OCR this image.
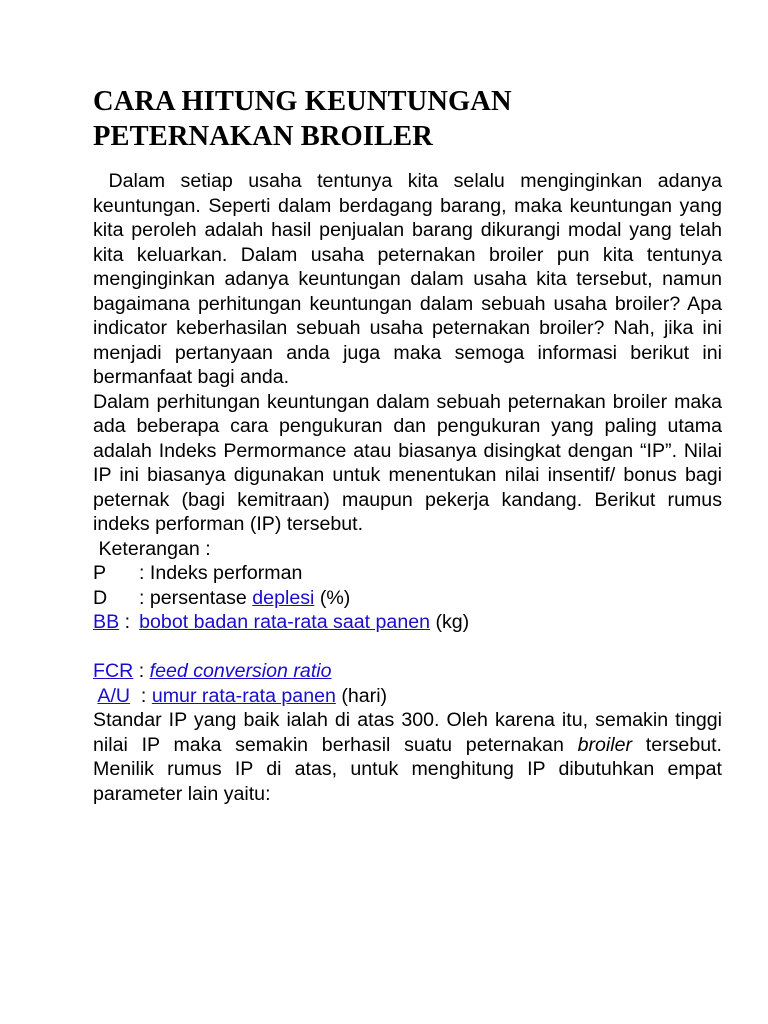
CARA HITUNG KEUNTUNGAN
PETERNAKAN BROILER

Dalam setiap usaha tentunya kita selalu menginginkan adanya keuntungan. Seperti dalam berdagang barang, maka keuntungan yang kita peroleh adalah hasil penjualan barang dikurangi modal yang telah kita keluarkan. Dalam usaha peternakan broiler pun kita tentunya menginginkan adanya keuntungan dalam usaha kita tersebut, namun bagaimana perhitungan keuntungan dalam sebuah usaha broiler? Apa indicator keberhasilan sebuah usaha peternakan broiler? Nah, jika ini menjadi pertanyaan anda juga maka semoga informasi berikut ini bermanfaat bagi anda.

Dalam perhitungan keuntungan dalam sebuah peternakan broiler maka ada beberapa cara pengukuran dan pengukuran yang paling utama adalah Indeks Permormance atau biasanya disingkat dengan “IP”. Nilai IP ini biasanya digunakan untuk menentukan nilai insentif/ bonus bagi peternak (bagi kemitraan) maupun pekerja kandang. Berikut rumus indeks performan (IP) tersebut.

Keterangan :

P : Indeks performan

D : persentase deplesi (%)

BB : bobot badan rata-rata saat panen (kg)

FCR : feed conversion ratio

A/U  : umur rata-rata panen (hari)

Standar IP yang baik ialah di atas 300. Oleh karena itu, semakin tinggi nilai IP maka semakin berhasil suatu peternakan broiler tersebut. Menilik rumus IP di atas, untuk menghitung IP dibutuhkan empat parameter lain yaitu:
